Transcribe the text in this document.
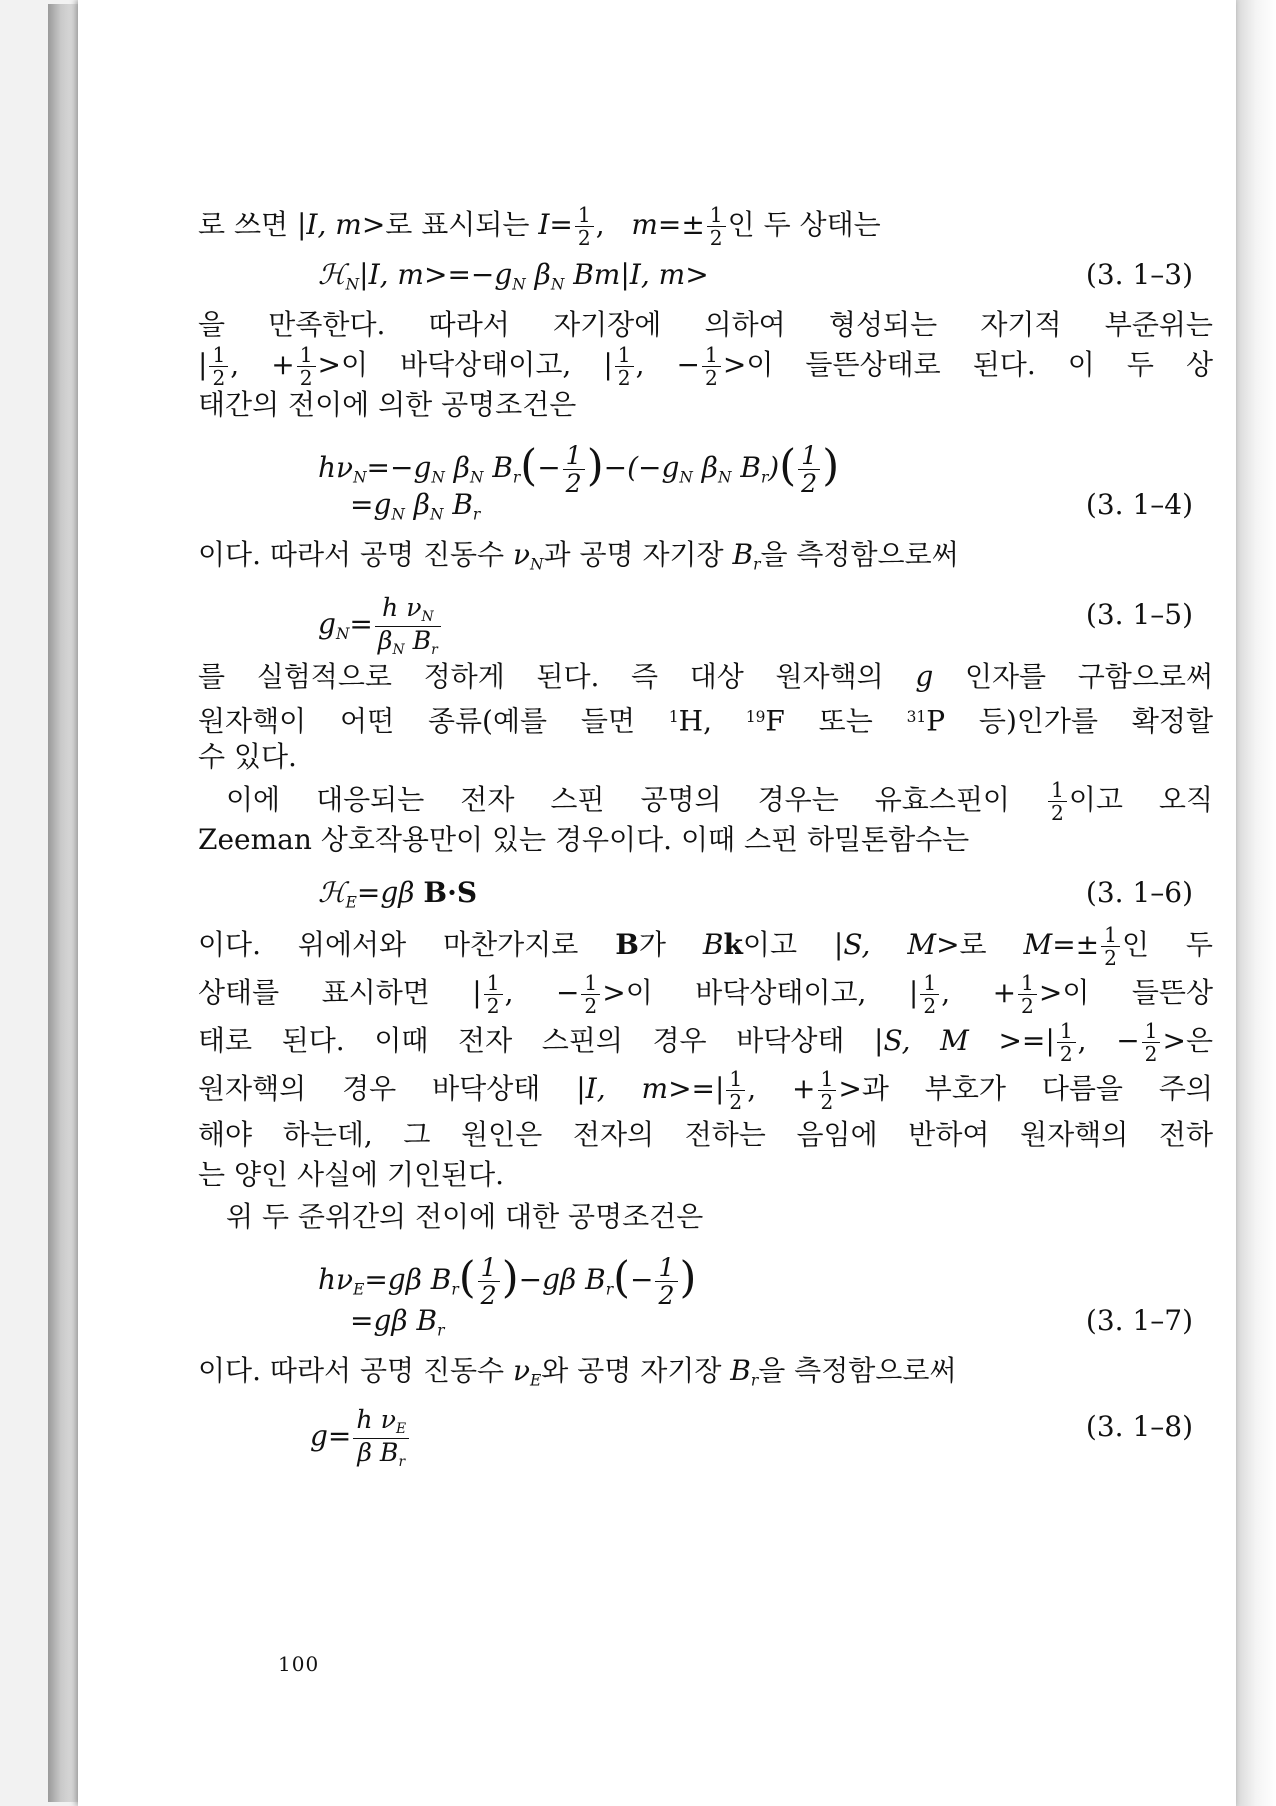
로 쓰면 |I, m>로 표시되는 $I= \frac{1}{2}$ ,   $m=\pm \frac{1}{2}$ 인 두 상태는
ℋ$_N$|I, $m>=-g_N$ $\beta_N$ Bm|I, m>	(3. 1–3)
을 만족한다. 따라서 자기장에 의하여 형성되는 자기적 부준위는
| $\frac{1}{2}$ , + $\frac{1}{2}$ >이 바닥상태이고, | $\frac{1}{2}$ , − $\frac{1}{2}$ >이 들뜬상태로 된다. 이 두 상
태간의 전이에 의한 공명조건은
$h\nu_N=-g_N$ $\beta_N$ $B_r(- \frac{1}{2} )-(-g_N$ $\beta_N$ $B_r)( \frac{1}{2}$ )
$=g_N$ $\beta_N$ $B_r$	(3. 1–4)
이다. 따라서 공명 진동수 $\nu_N$과 공명 자기장 $B_r$을 측정함으로써
$g_N= \frac{h \nu_N}{\beta_N B_r}$	(3. 1–5)
를 실험적으로 정하게 된다. 즉 대상 원자핵의 g 인자를 구함으로써
원자핵이 어떤 종류(예를 들면 $^1$H, $^{19}$F 또는 $^{31}$P 등)인가를 확정할
수 있다.
이에 대응되는 전자 스핀 공명의 경우는 유효스핀이 $\frac{1}{2}$ 이고 오직
Zeeman 상호작용만이 있는 경우이다. 이때 스핀 하밀톤함수는
ℋ$_E$=gβ B·S	(3. 1–6)
이다. 위에서와 마찬가지로 B가 Bk이고 |S, M>로 $M=\pm \frac{1}{2}$ 인 두
상태를 표시하면 | $\frac{1}{2}$ , − $\frac{1}{2}$ >이 바닥상태이고, | $\frac{1}{2}$ , + $\frac{1}{2}$ >이 들뜬상
태로 된다. 이때 전자 스핀의 경우 바닥상태 |S, M >=| $\frac{1}{2}$ , − $\frac{1}{2}$ >은
원자핵의 경우 바닥상태 |I, $m>=| \frac{1}{2}$ , + $\frac{1}{2}$ >과 부호가 다름을 주의
해야 하는데, 그 원인은 전자의 전하는 음임에 반하여 원자핵의 전하
는 양인 사실에 기인된다.
위 두 준위간의 전이에 대한 공명조건은
$h\nu_E=g\beta$ $B_r( \frac{1}{2} )-g\beta$ $B_r(- \frac{1}{2}$ )
=gβ $B_r$	(3. 1–7)
이다. 따라서 공명 진동수 $\nu_E$와 공명 자기장 $B_r$을 측정함으로써
$g= \frac{h \nu_E}{\beta B_r}$	(3. 1–8)
100
